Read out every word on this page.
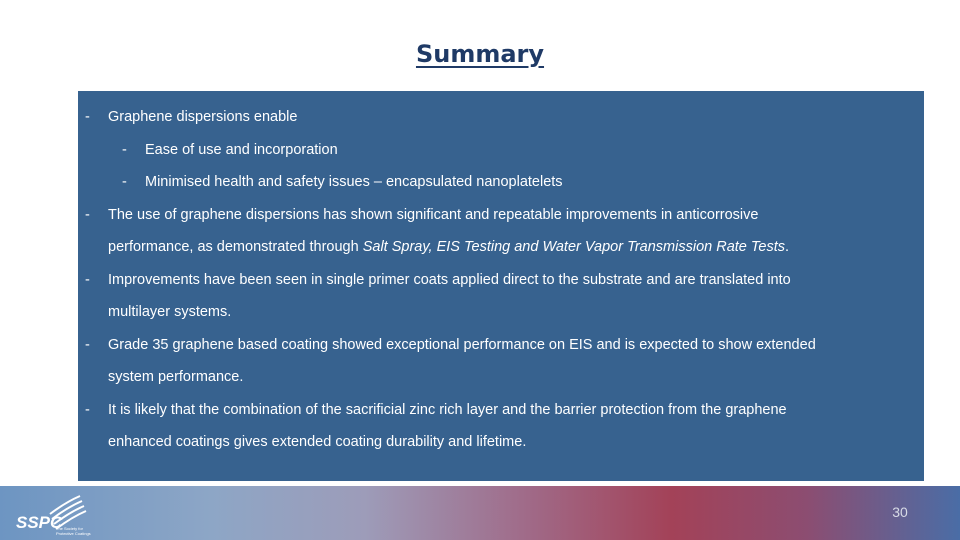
Summary
- Graphene dispersions enable
- Ease of use and incorporation
- Minimised health and safety issues – encapsulated nanoplatelets
- The use of graphene dispersions has shown significant and repeatable improvements in anticorrosive
performance, as demonstrated through Salt Spray, EIS Testing and Water Vapor Transmission Rate Tests.
- Improvements have been seen in single primer coats applied direct to the substrate and are translated into
multilayer systems.
- Grade 35 graphene based coating showed exceptional performance on EIS and is expected to show extended
system performance.
- It is likely that the combination of the sacrificial zinc rich layer and the barrier protection from the graphene
enhanced coatings gives extended coating durability and lifetime.
SSPC
The Society for
Protective Coatings
30
